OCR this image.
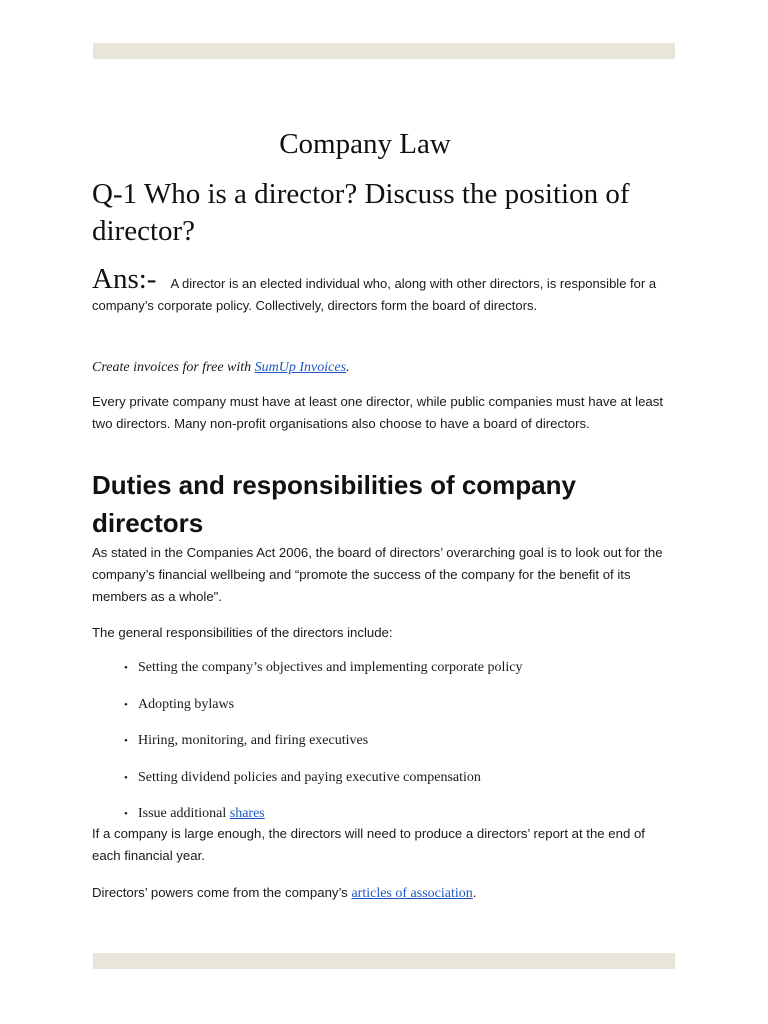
Company Law
Q-1 Who is a director? Discuss the position of director?
Ans:- A director is an elected individual who, along with other directors, is responsible for a company’s corporate policy. Collectively, directors form the board of directors.
Create invoices for free with SumUp Invoices.
Every private company must have at least one director, while public companies must have at least two directors. Many non-profit organisations also choose to have a board of directors.
Duties and responsibilities of company directors
As stated in the Companies Act 2006, the board of directors’ overarching goal is to look out for the company’s financial wellbeing and “promote the success of the company for the benefit of its members as a whole".
The general responsibilities of the directors include:
• Setting the company’s objectives and implementing corporate policy
• Adopting bylaws
• Hiring, monitoring, and firing executives
• Setting dividend policies and paying executive compensation
• Issue additional shares
If a company is large enough, the directors will need to produce a directors’ report at the end of each financial year.
Directors’ powers come from the company’s articles of association.
